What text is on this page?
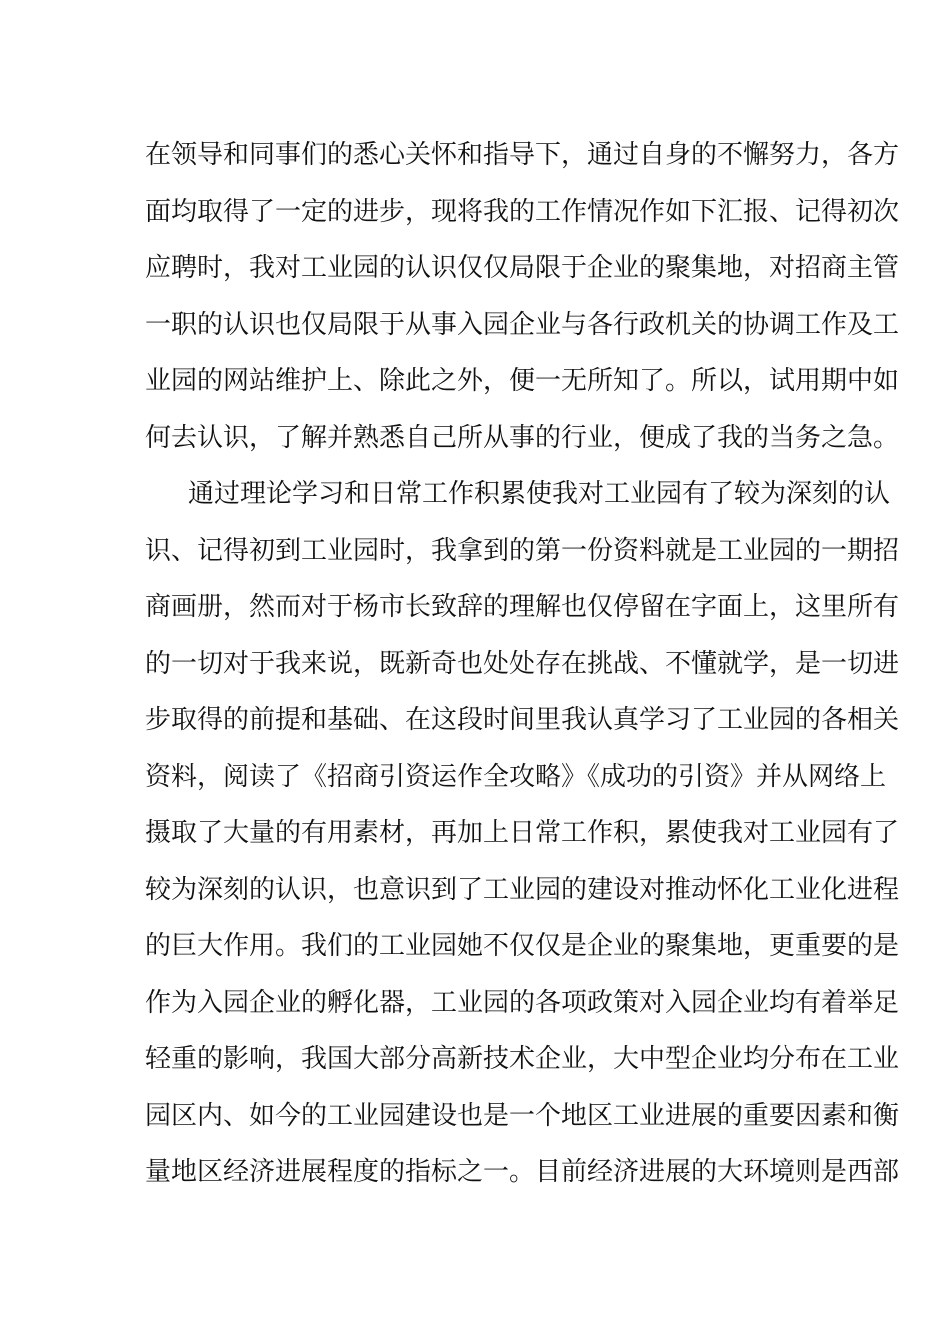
在领导和同事们的悉心关怀和指导下，通过自身的不懈努力，各方
面均取得了一定的进步，现将我的工作情况作如下汇报、记得初次
应聘时，我对工业园的认识仅仅局限于企业的聚集地，对招商主管
一职的认识也仅局限于从事入园企业与各行政机关的协调工作及工
业园的网站维护上、除此之外，便一无所知了。所以，试用期中如
何去认识，了解并熟悉自己所从事的行业，便成了我的当务之急。
通过理论学习和日常工作积累使我对工业园有了较为深刻的认
识、记得初到工业园时，我拿到的第一份资料就是工业园的一期招
商画册，然而对于杨市长致辞的理解也仅停留在字面上，这里所有
的一切对于我来说，既新奇也处处存在挑战、不懂就学，是一切进
步取得的前提和基础、在这段时间里我认真学习了工业园的各相关
资料，阅读了《招商引资运作全攻略》《成功的引资》并从网络上
摄取了大量的有用素材，再加上日常工作积，累使我对工业园有了
较为深刻的认识，也意识到了工业园的建设对推动怀化工业化进程
的巨大作用。我们的工业园她不仅仅是企业的聚集地，更重要的是
作为入园企业的孵化器，工业园的各项政策对入园企业均有着举足
轻重的影响，我国大部分高新技术企业，大中型企业均分布在工业
园区内、如今的工业园建设也是一个地区工业进展的重要因素和衡
量地区经济进展程度的指标之一。目前经济进展的大环境则是西部
